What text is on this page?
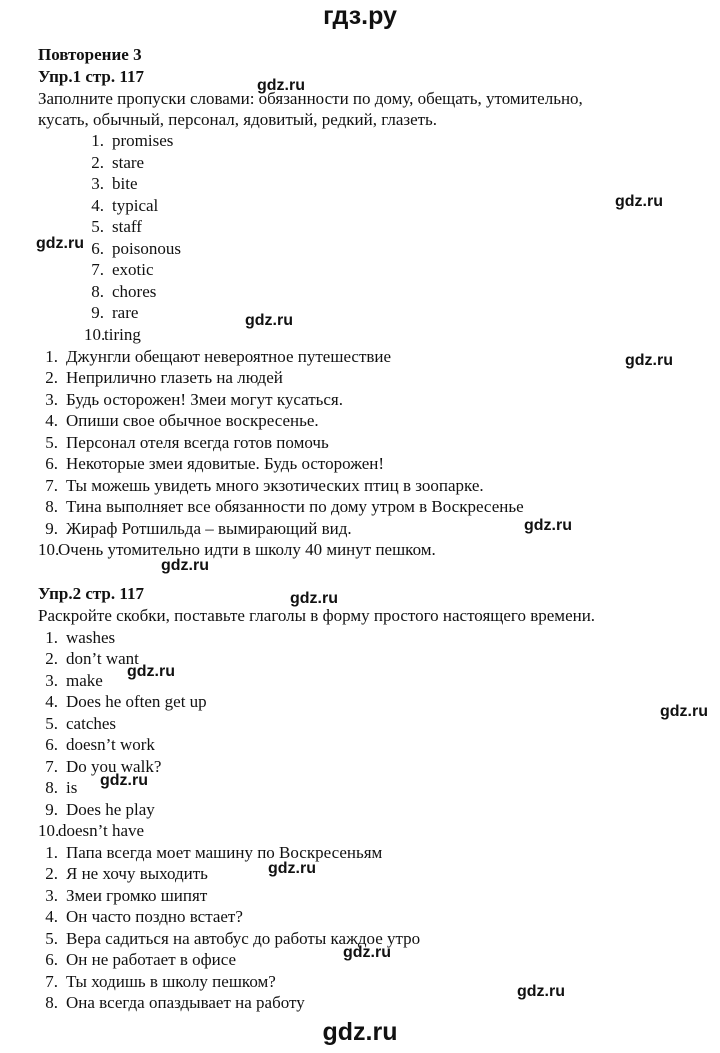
гдз.ру
gdz.ru
gdz.ru
gdz.ru
gdz.ru
gdz.ru
gdz.ru
gdz.ru
gdz.ru
gdz.ru
gdz.ru
gdz.ru
gdz.ru
gdz.ru
gdz.ru
Повторение 3
Упр.1 стр. 117
Заполните пропуски словами: обязанности по дому, обещать, утомительно,
кусать, обычный, персонал, ядовитый, редкий, глазеть.
1. promises
2. stare
3. bite
4. typical
5. staff
6. poisonous
7. exotic
8. chores
9. rare
10.tiring
1. Джунгли обещают невероятное путешествие
2. Неприлично глазеть на людей
3. Будь осторожен! Змеи могут кусаться.
4. Опиши свое обычное воскресенье.
5. Персонал отеля всегда готов помочь
6. Некоторые змеи ядовитые. Будь осторожен!
7. Ты можешь увидеть много экзотических птиц в зоопарке.
8. Тина выполняет все обязанности по дому утром в Воскресенье
9. Жираф Ротшильда – вымирающий вид.
10.Очень утомительно идти в школу 40 минут пешком.
Упр.2 стр. 117
Раскройте скобки, поставьте глаголы в форму простого настоящего времени.
1. washes
2. don’t want
3. make
4. Does he often get up
5. catches
6. doesn’t work
7. Do you walk?
8. is
9. Does he play
10.doesn’t have
1. Папа всегда моет машину по Воскресеньям
2. Я не хочу выходить
3. Змеи громко шипят
4. Он часто поздно встает?
5. Вера садиться на автобус до работы каждое утро
6. Он не работает в офисе
7. Ты ходишь в школу пешком?
8. Она всегда опаздывает на работу
gdz.ru
